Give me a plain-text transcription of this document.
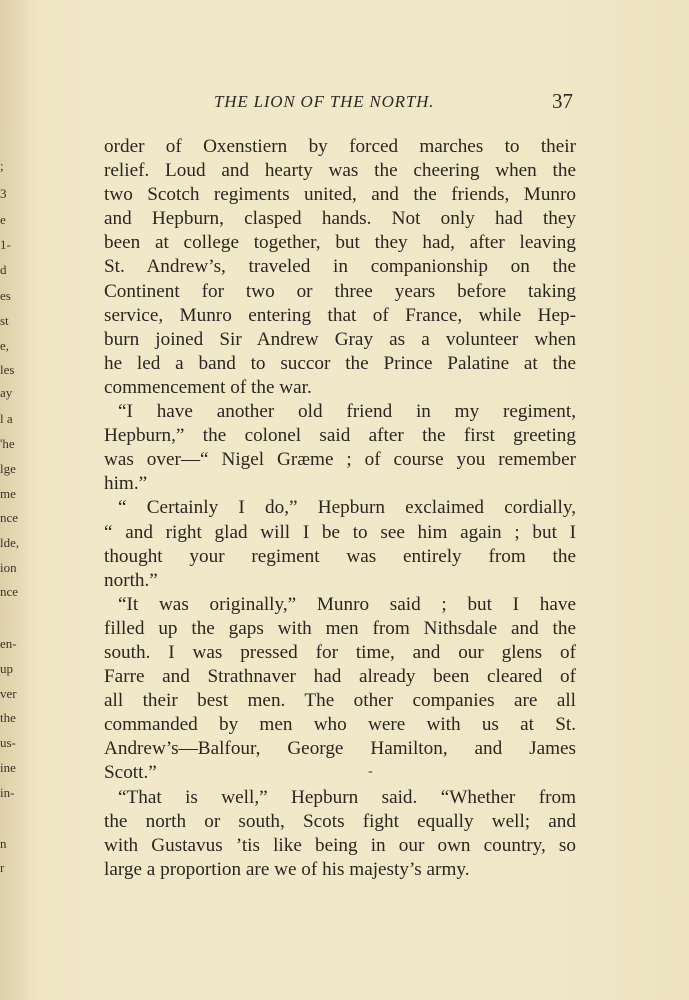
;
3
e
1-
d
es
st
e,
les
ay
l a
'he
lge
me
nce
lde,
ion
nce
en-
up
ver
the
us-
ine
in-
n
r
THE LION OF THE NORTH.	37
order of Oxenstiern by forced marches to their
relief. Loud and hearty was the cheering when the
two Scotch regiments united, and the friends, Munro
and Hepburn, clasped hands. Not only had they
been at college together, but they had, after leaving
St. Andrew’s, traveled in companionship on the
Continent for two or three years before taking
service, Munro entering that of France, while Hep-
burn joined Sir Andrew Gray as a volunteer when
he led a band to succor the Prince Palatine at the
commencement of the war.
“I have another old friend in my regiment,
Hepburn,” the colonel said after the first greeting
was over—“ Nigel Græme ; of course you remember
him.”
“ Certainly I do,” Hepburn exclaimed cordially,
“ and right glad will I be to see him again ; but I
thought your regiment was entirely from the
north.”
“It was originally,” Munro said ; but I have
filled up the gaps with men from Nithsdale and the
south. I was pressed for time, and our glens of
Farre and Strathnaver had already been cleared of
all their best men. The other companies are all
commanded by men who were with us at St.
Andrew’s—Balfour, George Hamilton, and James
Scott.”
“That is well,” Hepburn said. “Whether from
the north or south, Scots fight equally well; and
with Gustavus ’tis like being in our own country, so
large a proportion are we of his majesty’s army.
-
